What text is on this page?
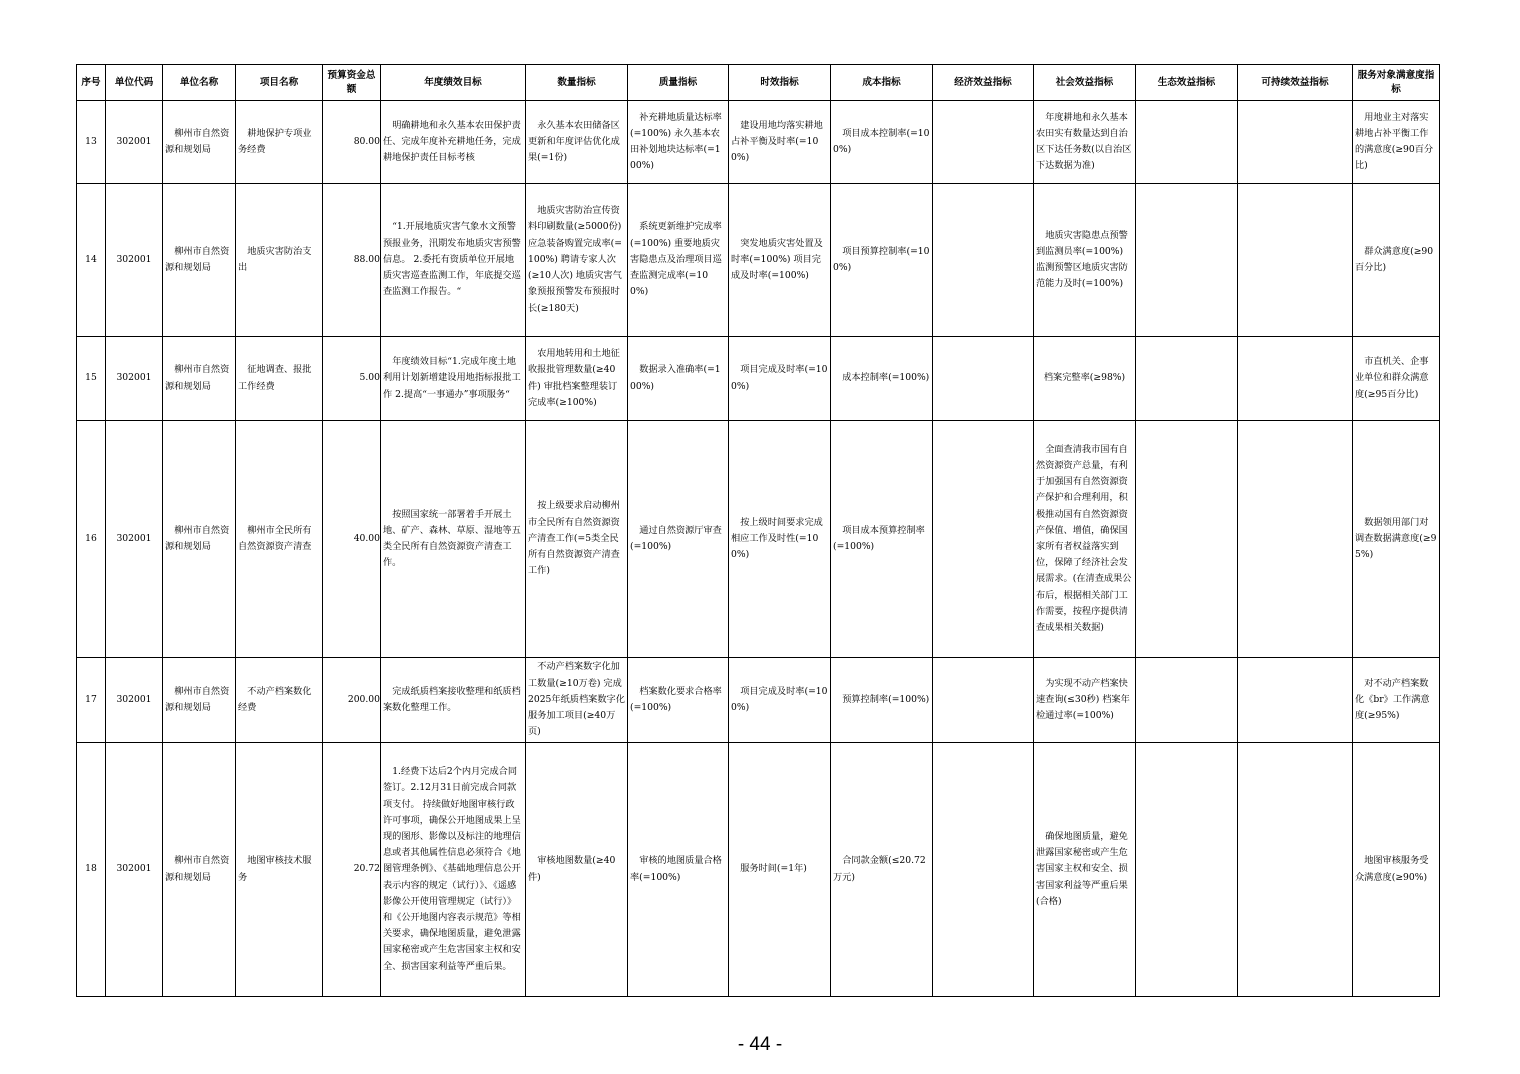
序号	单位代码	单位名称	项目名称	预算资金总额	年度绩效目标	数量指标	质量指标	时效指标	成本指标	经济效益指标	社会效益指标	生态效益指标	可持续效益指标	服务对象满意度指标
13	302001	柳州市自然资源和规划局	耕地保护专项业务经费	80.00	明确耕地和永久基本农田保护责任、完成年度补充耕地任务，完成耕地保护责任目标考核	永久基本农田储备区更新和年度评估优化成果(=1份)	补充耕地质量达标率(=100%) 永久基本农田补划地块达标率(=100%)	建设用地均落实耕地占补平衡及时率(=100%)	项目成本控制率(=100%)		年度耕地和永久基本农田实有数量达到自治区下达任务数(以自治区下达数据为准)			用地业主对落实耕地占补平衡工作的满意度(≥90百分比)
14	302001	柳州市自然资源和规划局	地质灾害防治支出	88.00	“1.开展地质灾害气象水文预警预报业务，汛期发布地质灾害预警信息。 2.委托有资质单位开展地质灾害巡查监测工作，年底提交巡查监测工作报告。“	地质灾害防治宣传资料印刷数量(≥5000份) 应急装备购置完成率(=100%) 聘请专家人次(≥10人次) 地质灾害气象预报预警发布预报时长(≥180天)	系统更新维护完成率(=100%) 重要地质灾害隐患点及治理项目巡查监测完成率(=100%)	突发地质灾害处置及时率(=100%) 项目完成及时率(=100%)	项目预算控制率(=100%)		地质灾害隐患点预警到监测员率(=100%) 监测预警区地质灾害防范能力及时(=100%)			群众满意度(≥90百分比)
15	302001	柳州市自然资源和规划局	征地调查、报批工作经费	5.00	年度绩效目标“1.完成年度土地利用计划新增建设用地指标报批工作 2.提高“一事通办”事项服务“	农用地转用和土地征收报批管理数量(≥40件) 审批档案整理装订完成率(≥100%)	数据录入准确率(=100%)	项目完成及时率(=100%)	成本控制率(=100%)		档案完整率(≥98%)			市直机关、企事业单位和群众满意度(≥95百分比)
16	302001	柳州市自然资源和规划局	柳州市全民所有自然资源资产清查	40.00	按照国家统一部署着手开展土地、矿产、森林、草原、湿地等五类全民所有自然资源资产清查工作。	按上级要求启动柳州市全民所有自然资源资产清查工作(=5类全民所有自然资源资产清查工作)	通过自然资源厅审查(=100%)	按上级时间要求完成相应工作及时性(=100%)	项目成本预算控制率(=100%)		全面查清我市国有自然资源资产总量，有利于加强国有自然资源资产保护和合理利用，积极推动国有自然资源资产保值、增值，确保国家所有者权益落实到位，保障了经济社会发展需求。(在清查成果公布后，根据相关部门工作需要，按程序提供清查成果相关数据)			数据领用部门对调查数据满意度(≥95%)
17	302001	柳州市自然资源和规划局	不动产档案数化经费	200.00	完成纸质档案接收整理和纸质档案数化整理工作。	不动产档案数字化加工数量(≥10万卷) 完成2025年纸质档案数字化服务加工项目(≥40万页)	档案数化要求合格率(=100%)	项目完成及时率(=100%)	预算控制率(=100%)		为实现不动产档案快速查询(≤30秒) 档案年检通过率(=100%)			对不动产档案数化《br》工作满意度(≥95%)
18	302001	柳州市自然资源和规划局	地图审核技术服务	20.72	1.经费下达后2个内月完成合同签订。2.12月31日前完成合同款项支付。 持续做好地图审核行政许可事项，确保公开地图成果上呈现的图形、影像以及标注的地理信息或者其他属性信息必须符合《地图管理条例》、《基础地理信息公开表示内容的规定（试行）》、《遥感影像公开使用管理规定（试行）》和《公开地图内容表示规范》等相关要求，确保地图质量，避免泄露国家秘密或产生危害国家主权和安全、损害国家利益等严重后果。	审核地图数量(≥40件)	审核的地图质量合格率(=100%)	服务时间(=1年)	合同款金额(≤20.72万元)		确保地图质量，避免泄露国家秘密或产生危害国家主权和安全、损害国家利益等严重后果(合格)			地图审核服务受众满意度(≥90%)
- 44 -
